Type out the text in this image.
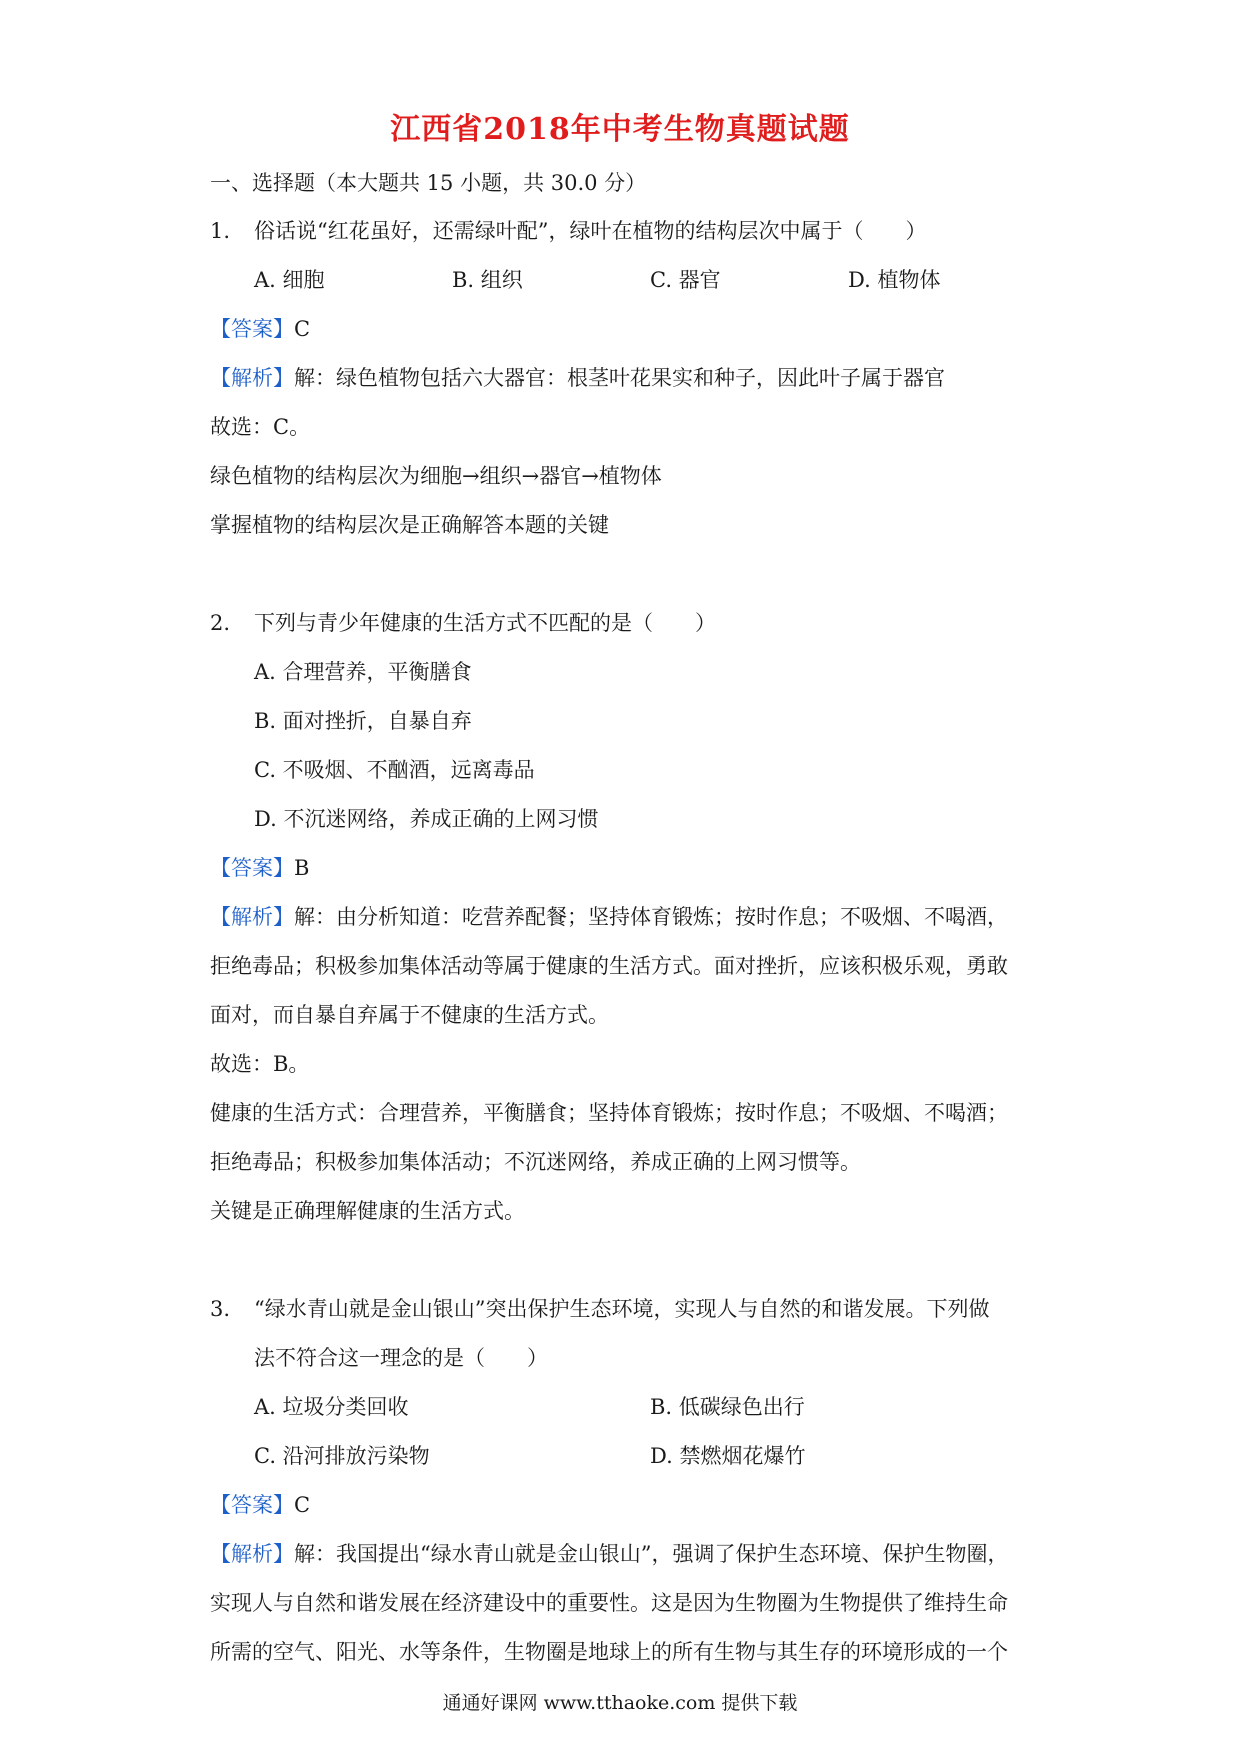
江西省2018年中考生物真题试题
一、选择题（本大题共 15 小题，共 30.0 分）
1. 俗话说“红花虽好，还需绿叶配”，绿叶在植物的结构层次中属于（　　）
A. 细胞	B. 组织	C. 器官	D. 植物体
【答案】C
【解析】解：绿色植物包括六大器官：根茎叶花果实和种子，因此叶子属于器官
故选：C。
绿色植物的结构层次为细胞→组织→器官→植物体
掌握植物的结构层次是正确解答本题的关键
2. 下列与青少年健康的生活方式不匹配的是（　　）
A. 合理营养，平衡膳食
B. 面对挫折，自暴自弃
C. 不吸烟、不酗酒，远离毒品
D. 不沉迷网络，养成正确的上网习惯
【答案】B
【解析】解：由分析知道：吃营养配餐；坚持体育锻炼；按时作息；不吸烟、不喝酒，
拒绝毒品；积极参加集体活动等属于健康的生活方式。面对挫折，应该积极乐观，勇敢
面对，而自暴自弃属于不健康的生活方式。
故选：B。
健康的生活方式：合理营养，平衡膳食；坚持体育锻炼；按时作息；不吸烟、不喝酒；
拒绝毒品；积极参加集体活动；不沉迷网络，养成正确的上网习惯等。
关键是正确理解健康的生活方式。
3. “绿水青山就是金山银山”突出保护生态环境，实现人与自然的和谐发展。下列做
法不符合这一理念的是（　　）
A. 垃圾分类回收	B. 低碳绿色出行
C. 沿河排放污染物	D. 禁燃烟花爆竹
【答案】C
【解析】解：我国提出“绿水青山就是金山银山”，强调了保护生态环境、保护生物圈，
实现人与自然和谐发展在经济建设中的重要性。这是因为生物圈为生物提供了维持生命
所需的空气、阳光、水等条件，生物圈是地球上的所有生物与其生存的环境形成的一个
通通好课网 www.tthaoke.com 提供下载
